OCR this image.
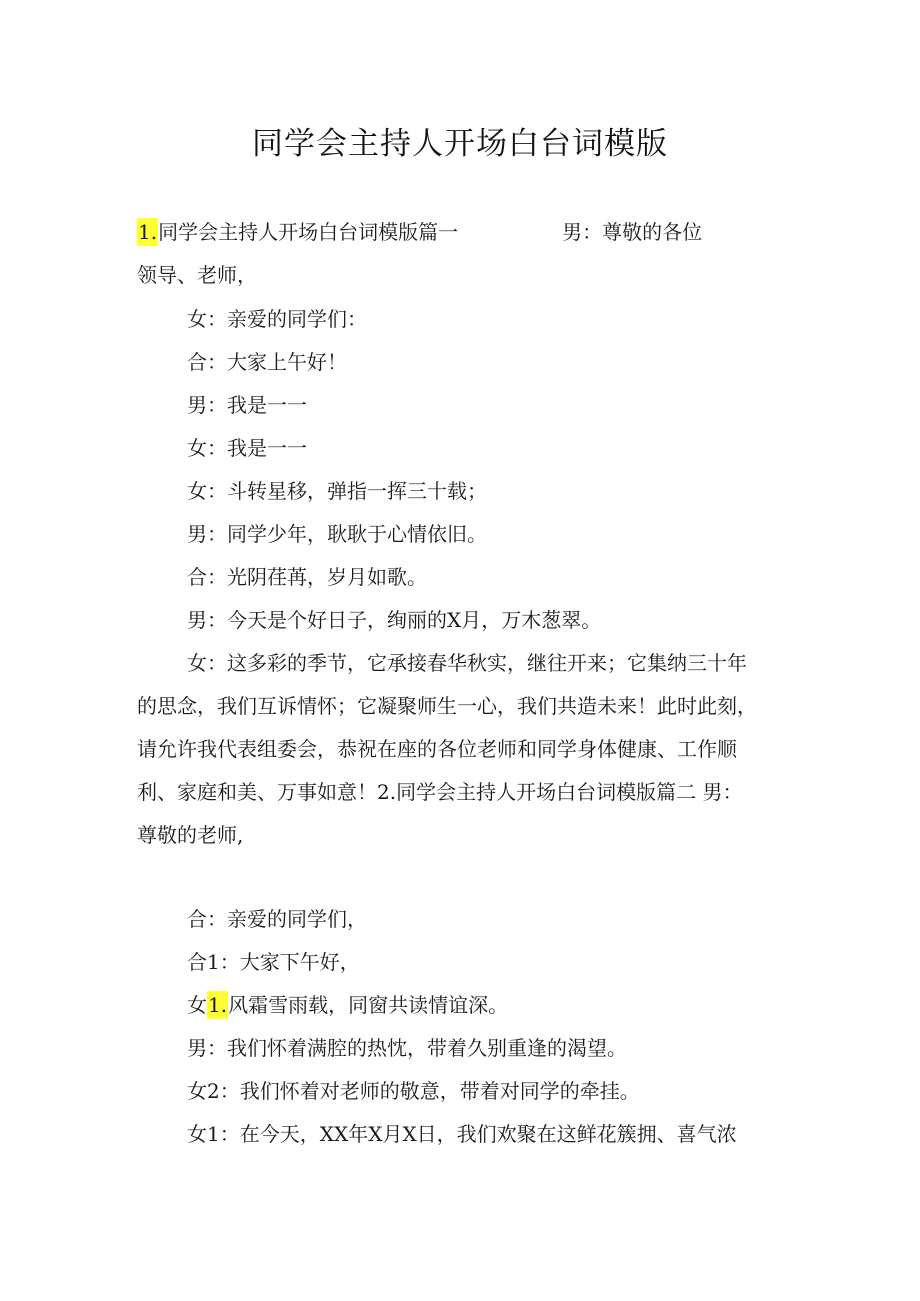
同学会主持人开场白台词模版
1.同学会主持人开场白台词模版篇一	男：尊敬的各位
领导、老师，
女：亲爱的同学们：
合：大家上午好！
男：我是一一
女：我是一一
女：斗转星移，弹指一挥三十载；
男：同学少年，耿耿于心情依旧。
合：光阴荏苒，岁月如歌。
男：今天是个好日子，绚丽的X月，万木葱翠。
女：这多彩的季节，它承接春华秋实，继往开来；它集纳三十年
的思念，我们互诉情怀；它凝聚师生一心，我们共造未来！此时此刻，
请允许我代表组委会，恭祝在座的各位老师和同学身体健康、工作顺
利、家庭和美、万事如意！2.同学会主持人开场白台词模版篇二 男：
尊敬的老师,
合：亲爱的同学们，
合1：大家下午好，
女1.风霜雪雨载，同窗共读情谊深。
男：我们怀着满腔的热忱，带着久别重逢的渴望。
女2：我们怀着对老师的敬意，带着对同学的牵挂。
女1：在今天，XX年X月X日，我们欢聚在这鲜花簇拥、喜气浓
